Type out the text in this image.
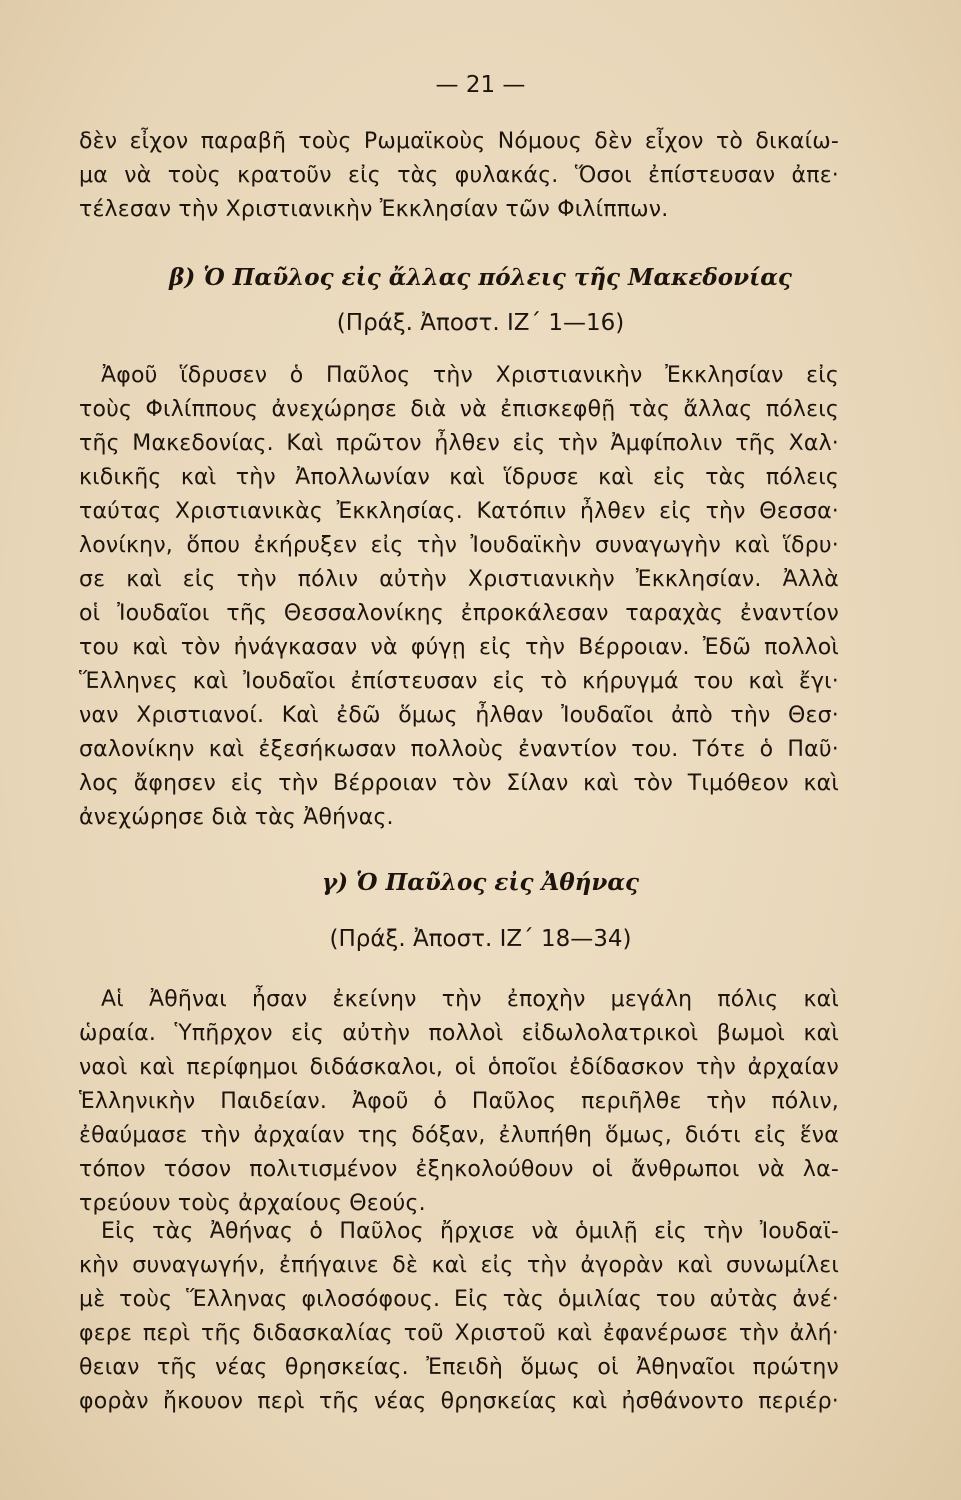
— 21 —
δὲν εἶχον παραβῆ τοὺς Ρωμαϊκοὺς Νόμους δὲν εἶχον τὸ δικαίω-
μα νὰ τοὺς κρατοῦν εἰς τὰς φυλακάς. Ὅσοι ἐπίστευσαν ἀπε·
τέλεσαν τὴν Χριστιανικὴν Ἐκκλησίαν τῶν Φιλίππων.
β) Ὁ Παῦλος εἰς ἄλλας πόλεις τῆς Μακεδονίας
(Πράξ. Ἀποστ. ΙΖ΄ 1—16)
Ἀφοῦ ἵδρυσεν ὁ Παῦλος τὴν Χριστιανικὴν Ἐκκλησίαν εἰς
τοὺς Φιλίππους ἀνεχώρησε διὰ νὰ ἐπισκεφθῇ τὰς ἄλλας πόλεις
τῆς Μακεδονίας. Καὶ πρῶτον ἦλθεν εἰς τὴν Ἀμφίπολιν τῆς Χαλ·
κιδικῆς καὶ τὴν Ἀπολλωνίαν καὶ ἵδρυσε καὶ εἰς τὰς πόλεις
ταύτας Χριστιανικὰς Ἐκκλησίας. Κατόπιν ἦλθεν εἰς τὴν Θεσσα·
λονίκην, ὅπου ἐκήρυξεν εἰς τὴν Ἰουδαϊκὴν συναγωγὴν καὶ ἵδρυ·
σε καὶ εἰς τὴν πόλιν αὐτὴν Χριστιανικὴν Ἐκκλησίαν. Ἀλλὰ
οἱ Ἰουδαῖοι τῆς Θεσσαλονίκης ἐπροκάλεσαν ταραχὰς ἐναντίον
του καὶ τὸν ἠνάγκασαν νὰ φύγῃ εἰς τὴν Βέρροιαν. Ἐδῶ πολλοὶ
Ἕλληνες καὶ Ἰουδαῖοι ἐπίστευσαν εἰς τὸ κήρυγμά του καὶ ἔγι·
ναν Χριστιανοί. Καὶ ἐδῶ ὅμως ἦλθαν Ἰουδαῖοι ἀπὸ τὴν Θεσ·
σαλονίκην καὶ ἐξεσήκωσαν πολλοὺς ἐναντίον του. Τότε ὁ Παῦ·
λος ἄφησεν εἰς τὴν Βέρροιαν τὸν Σίλαν καὶ τὸν Τιμόθεον καὶ
ἀνεχώρησε διὰ τὰς Ἀθήνας.
γ) Ὁ Παῦλος εἰς Ἀθήνας
(Πράξ. Ἀποστ. ΙΖ΄ 18—34)
Αἱ Ἀθῆναι ἦσαν ἐκείνην τὴν ἐποχὴν μεγάλη πόλις καὶ
ὡραία. Ὑπῆρχον εἰς αὐτὴν πολλοὶ εἰδωλολατρικοὶ βωμοὶ καὶ
ναοὶ καὶ περίφημοι διδάσκαλοι, οἱ ὁποῖοι ἐδίδασκον τὴν ἀρχαίαν
Ἑλληνικὴν Παιδείαν. Ἀφοῦ ὁ Παῦλος περιῆλθε τὴν πόλιν,
ἐθαύμασε τὴν ἀρχαίαν της δόξαν, ἐλυπήθη ὅμως, διότι εἰς ἕνα
τόπον τόσον πολιτισμένον ἐξηκολούθουν οἱ ἄνθρωποι νὰ λα-
τρεύουν τοὺς ἀρχαίους Θεούς.
Εἰς τὰς Ἀθήνας ὁ Παῦλος ἤρχισε νὰ ὁμιλῇ εἰς τὴν Ἰουδαϊ-
κὴν συναγωγήν, ἐπήγαινε δὲ καὶ εἰς τὴν ἀγορὰν καὶ συνωμίλει
μὲ τοὺς Ἕλληνας φιλοσόφους. Εἰς τὰς ὁμιλίας του αὐτὰς ἀνέ·
φερε περὶ τῆς διδασκαλίας τοῦ Χριστοῦ καὶ ἐφανέρωσε τὴν ἀλή·
θειαν τῆς νέας θρησκείας. Ἐπειδὴ ὅμως οἱ Ἀθηναῖοι πρώτην
φορὰν ἤκουον περὶ τῆς νέας θρησκείας καὶ ἠσθάνοντο περιέρ·
